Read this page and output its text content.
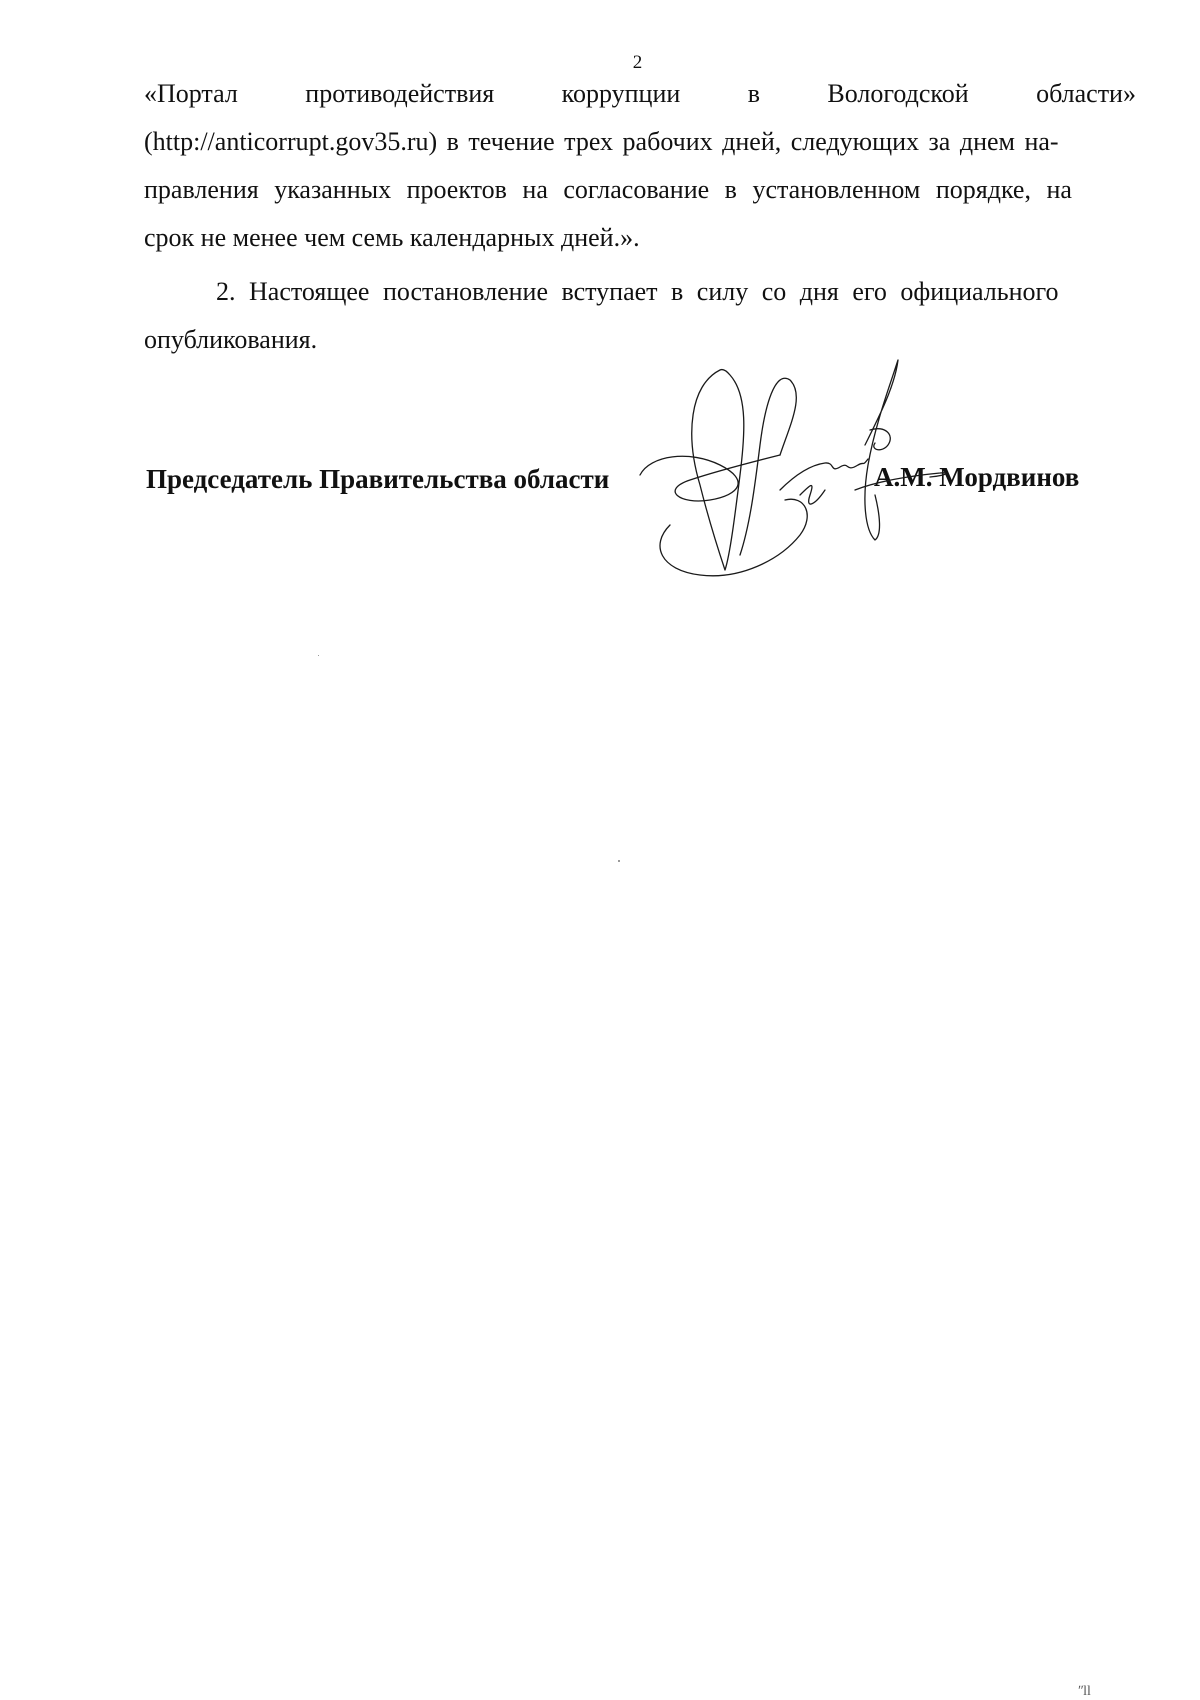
2
«Портал	противодействия	коррупции	в	Вологодской	области»
(http://anticorrupt.gov35.ru) в течение трех рабочих дней, следующих за днем на-
правления указанных проектов на согласование в установленном порядке, на
срок не менее чем семь календарных дней.».
2. Настоящее постановление вступает в силу со дня его официального
опубликования.
Председатель Правительства области	А.М. Мордвинов
ʺll
